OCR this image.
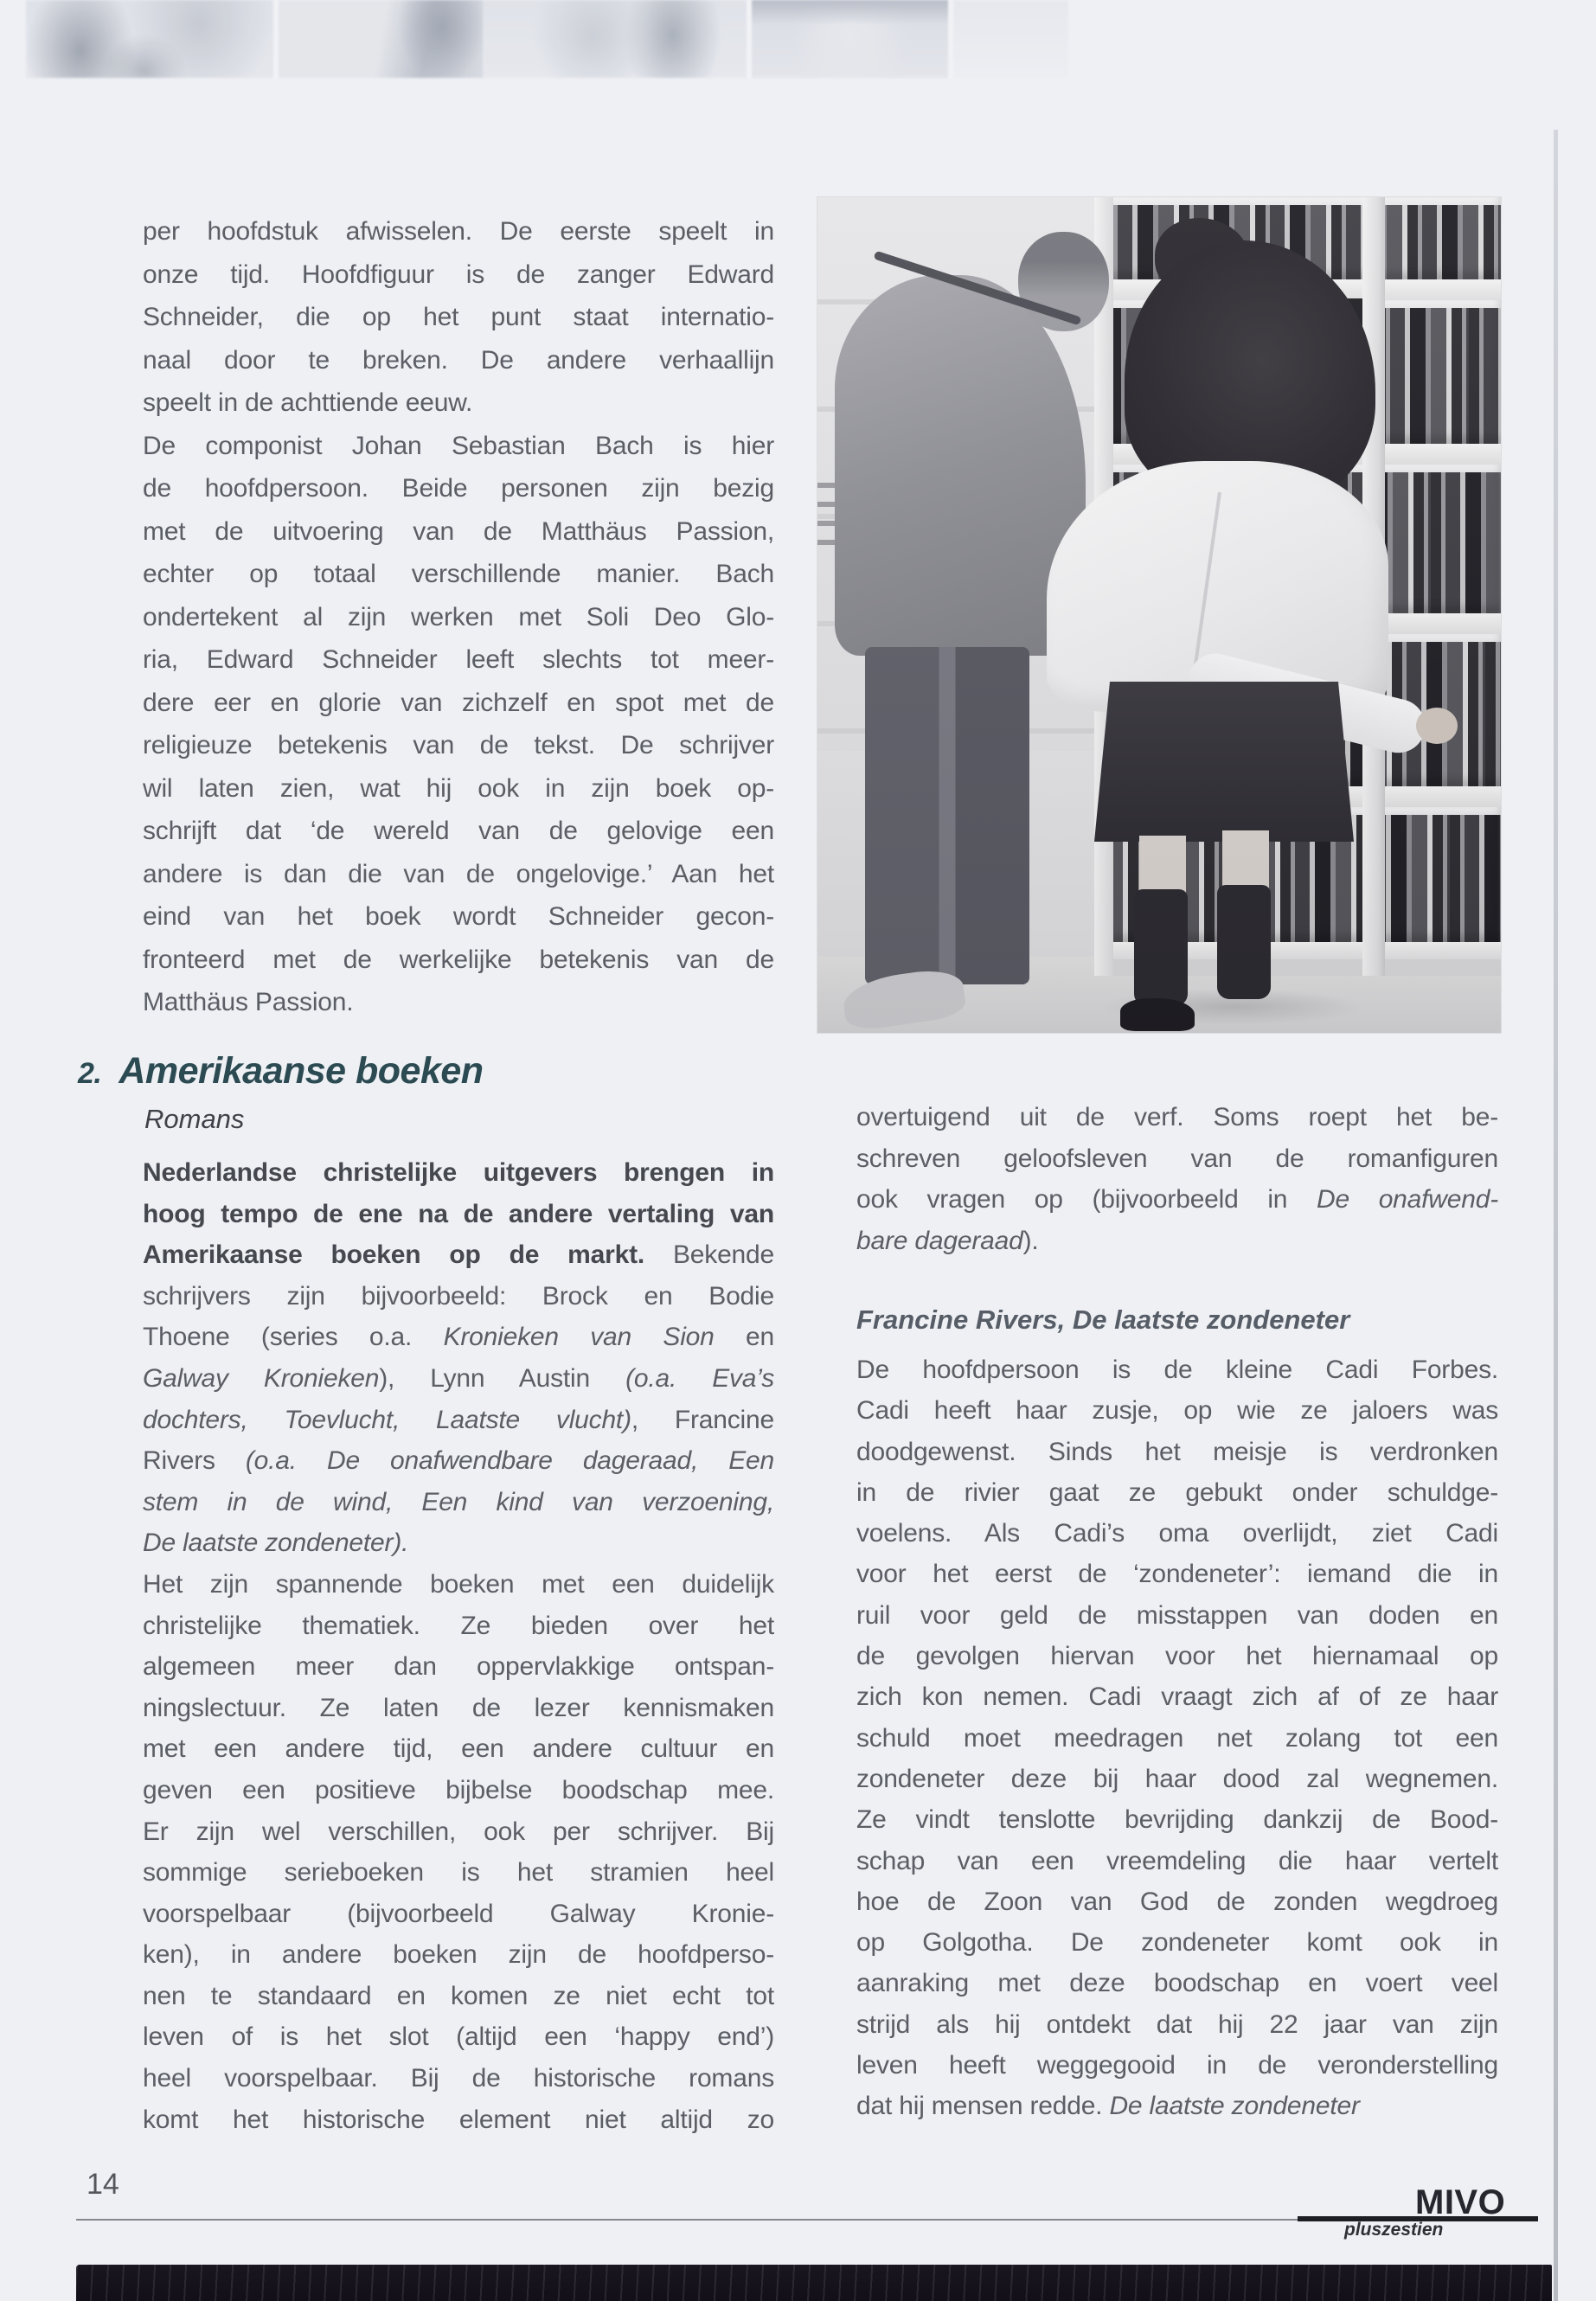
per hoofdstuk afwisselen. De eerste speelt in
onze tijd. Hoofdfiguur is de zanger Edward
Schneider, die op het punt staat internatio-
naal door te breken. De andere verhaallijn
speelt in de achttiende eeuw.
De componist Johan Sebastian Bach is hier
de hoofdpersoon. Beide personen zijn bezig
met de uitvoering van de Matthäus Passion,
echter op totaal verschillende manier. Bach
ondertekent al zijn werken met Soli Deo Glo-
ria, Edward Schneider leeft slechts tot meer-
dere eer en glorie van zichzelf en spot met de
religieuze betekenis van de tekst. De schrijver
wil laten zien, wat hij ook in zijn boek op-
schrijft dat ‘de wereld van de gelovige een
andere is dan die van de ongelovige.’ Aan het
eind van het boek wordt Schneider gecon-
fronteerd met de werkelijke betekenis van de
Matthäus Passion.
2. Amerikaanse boeken
Romans
Nederlandse christelijke uitgevers brengen in
hoog tempo de ene na de andere vertaling van
Amerikaanse boeken op de markt. Bekende
schrijvers zijn bijvoorbeeld: Brock en Bodie
Thoene (series o.a. Kronieken van Sion en
Galway Kronieken), Lynn Austin (o.a. Eva’s
dochters, Toevlucht, Laatste vlucht), Francine
Rivers (o.a. De onafwendbare dageraad, Een
stem in de wind, Een kind van verzoening,
De laatste zondeneter).
Het zijn spannende boeken met een duidelijk
christelijke thematiek. Ze bieden over het
algemeen meer dan oppervlakkige ontspan-
ningslectuur. Ze laten de lezer kennismaken
met een andere tijd, een andere cultuur en
geven een positieve bijbelse boodschap mee.
Er zijn wel verschillen, ook per schrijver. Bij
sommige serieboeken is het stramien heel
voorspelbaar (bijvoorbeeld Galway Kronie-
ken), in andere boeken zijn de hoofdperso-
nen te standaard en komen ze niet echt tot
leven of is het slot (altijd een ‘happy end’)
heel voorspelbaar. Bij de historische romans
komt het historische element niet altijd zo
overtuigend uit de verf. Soms roept het be-
schreven geloofsleven van de romanfiguren
ook vragen op (bijvoorbeeld in De onafwend-
bare dageraad).
Francine Rivers, De laatste zondeneter
De hoofdpersoon is de kleine Cadi Forbes.
Cadi heeft haar zusje, op wie ze jaloers was
doodgewenst. Sinds het meisje is verdronken
in de rivier gaat ze gebukt onder schuldge-
voelens. Als Cadi’s oma overlijdt, ziet Cadi
voor het eerst de ‘zondeneter’: iemand die in
ruil voor geld de misstappen van doden en
de gevolgen hiervan voor het hiernamaal op
zich kon nemen. Cadi vraagt zich af of ze haar
schuld moet meedragen net zolang tot een
zondeneter deze bij haar dood zal wegnemen.
Ze vindt tenslotte bevrijding dankzij de Bood-
schap van een vreemdeling die haar vertelt
hoe de Zoon van God de zonden wegdroeg
op Golgotha. De zondeneter komt ook in
aanraking met deze boodschap en voert veel
strijd als hij ontdekt dat hij 22 jaar van zijn
leven heeft weggegooid in de veronderstelling
dat hij mensen redde. De laatste zondeneter
14	MIVO
pluszestien
